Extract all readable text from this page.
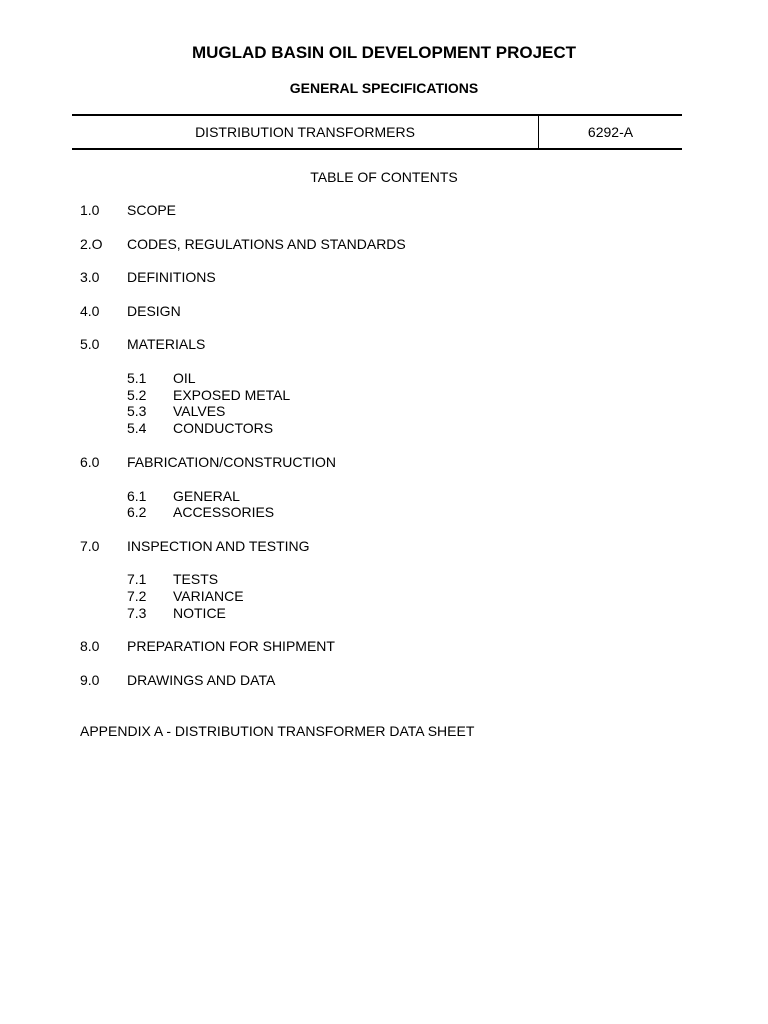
MUGLAD BASIN OIL DEVELOPMENT PROJECT
GENERAL SPECIFICATIONS
DISTRIBUTION TRANSFORMERS	6292-A
TABLE OF CONTENTS
1.0 SCOPE
2.O CODES, REGULATIONS AND STANDARDS
3.0 DEFINITIONS
4.0 DESIGN
5.0 MATERIALS
5.1 OIL
5.2 EXPOSED METAL
5.3 VALVES
5.4 CONDUCTORS
6.0 FABRICATION/CONSTRUCTION
6.1 GENERAL
6.2 ACCESSORIES
7.0 INSPECTION AND TESTING
7.1 TESTS
7.2 VARIANCE
7.3 NOTICE
8.0 PREPARATION FOR SHIPMENT
9.0 DRAWINGS AND DATA
APPENDIX A - DISTRIBUTION TRANSFORMER DATA SHEET
